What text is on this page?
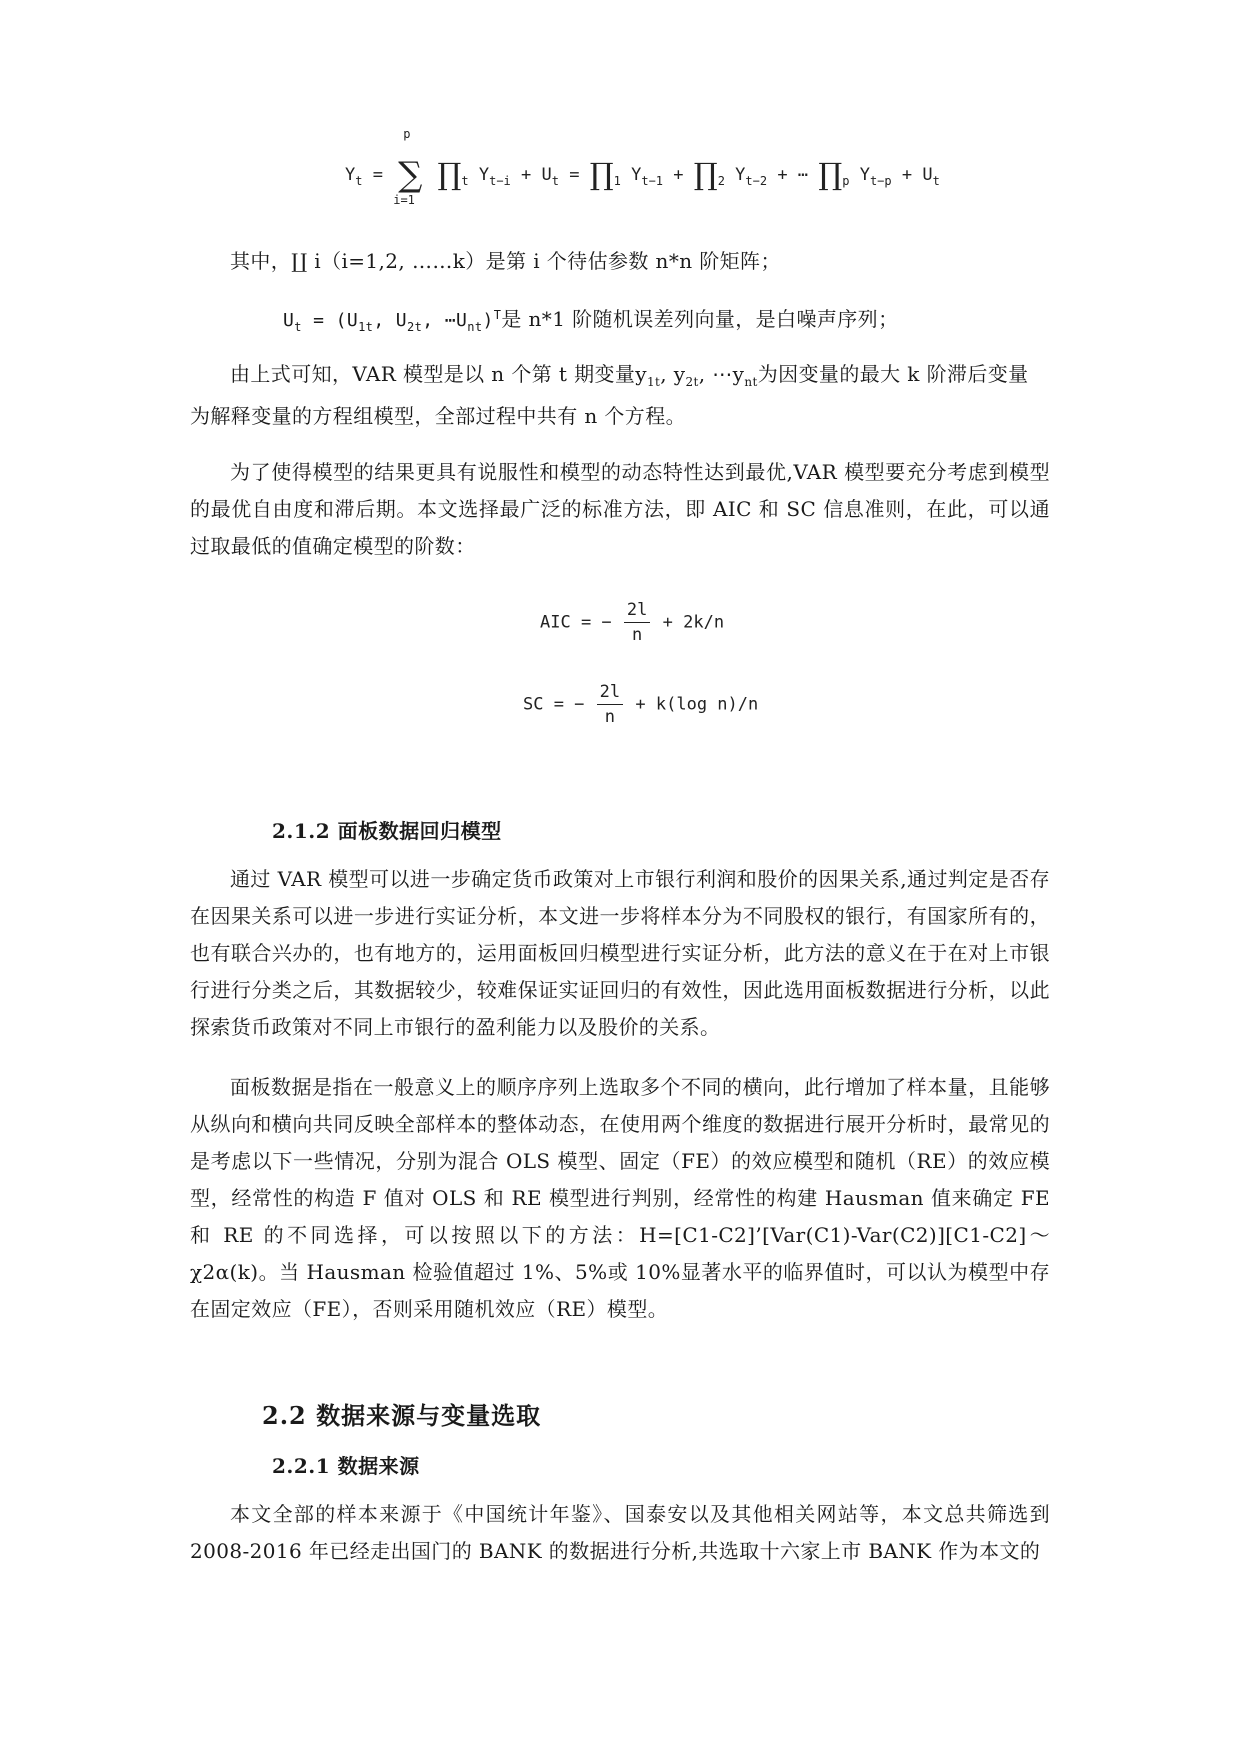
$Y_t$ =
p
∑
i=1
$\prod_t$ $Y_{t-i} + U_t$ = $\prod_1$ $Y_{t-1}$ + $\prod_2$ $Y_{t-2}$ + ⋯ $\prod_p$ $Y_{t-p} + U_t$
其中，∐ i（i=1,2, ……k）是第 i 个待估参数 n*n 阶矩阵；
$U_t = (U_{1t}$, $U_{2t}$, $\cdots U_{nt})^T$是 n*1 阶随机误差列向量，是白噪声序列；
由上式可知，VAR 模型是以 n 个第 t 期变量$y_{1t}$, $y_{2t}$, $\cdots y_{nt}$为因变量的最大 k 阶滞后变量
为解释变量的方程组模型，全部过程中共有 n 个方程。
为了使得模型的结果更具有说服性和模型的动态特性达到最优,VAR 模型要充分考虑到模型的最优自由度和滞后期。本文选择最广泛的标准方法，即 AIC 和 SC 信息准则，在此，可以通过取最低的值确定模型的阶数：
AIC = − $\frac{2l}{n} + 2k/n$
SC = − $\frac{2l}{n} + k(\log$ n)/n
2.1.2 面板数据回归模型
通过 VAR 模型可以进一步确定货币政策对上市银行利润和股价的因果关系,通过判定是否存在因果关系可以进一步进行实证分析，本文进一步将样本分为不同股权的银行，有国家所有的，也有联合兴办的，也有地方的，运用面板回归模型进行实证分析，此方法的意义在于在对上市银行进行分类之后，其数据较少，较难保证实证回归的有效性，因此选用面板数据进行分析，以此探索货币政策对不同上市银行的盈利能力以及股价的关系。
面板数据是指在一般意义上的顺序序列上选取多个不同的横向，此行增加了样本量，且能够从纵向和横向共同反映全部样本的整体动态，在使用两个维度的数据进行展开分析时，最常见的是考虑以下一些情况，分别为混合 OLS 模型、固定（FE）的效应模型和随机（RE）的效应模型，经常性的构造 F 值对 OLS 和 RE 模型进行判别，经常性的构建 Hausman 值来确定 FE 和 RE 的不同选择，可以按照以下的方法：H=[C1-C2]’[Var(C1)-Var(C2)][C1-C2]～χ2α(k)。当 Hausman 检验值超过 1%、5%或 10%显著水平的临界值时，可以认为模型中存在固定效应（FE），否则采用随机效应（RE）模型。
2.2 数据来源与变量选取
2.2.1 数据来源
本文全部的样本来源于《中国统计年鉴》、国泰安以及其他相关网站等，本文总共筛选到 2008-2016 年已经走出国门的 BANK 的数据进行分析,共选取十六家上市 BANK 作为本文的
